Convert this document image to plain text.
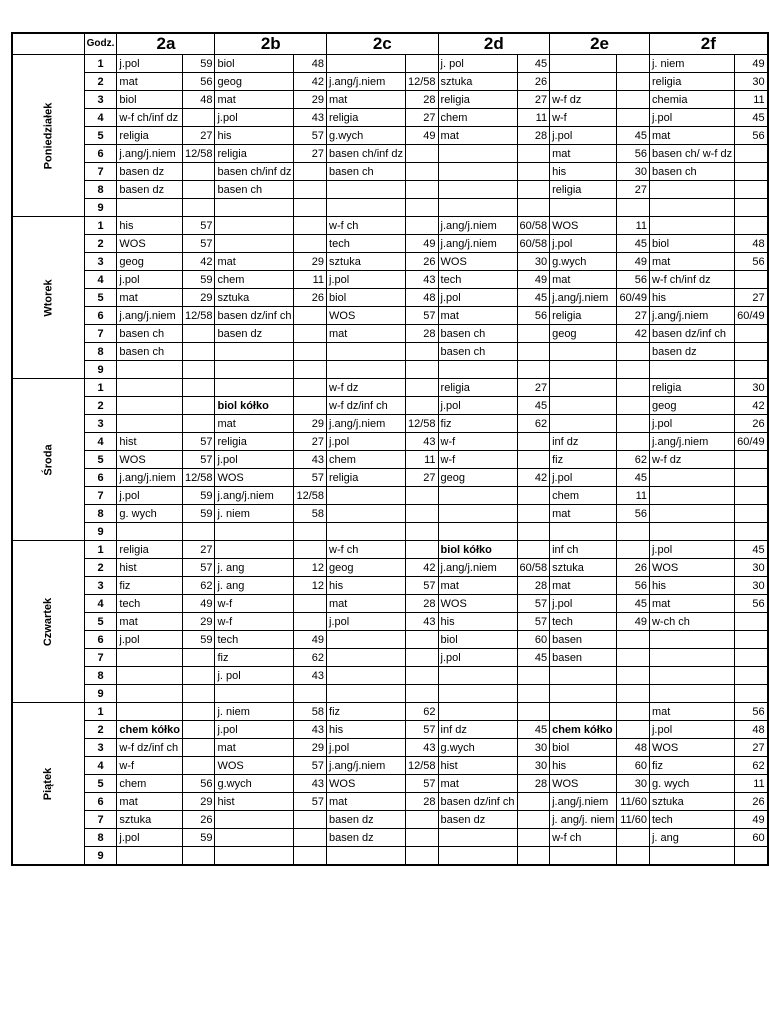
	Godz.	2a		2b		2c		2d		2e		2f	
Poniedziałek	1	j.pol	59	biol	48			j. pol	45			j. niem	49
	2	mat	56	geog	42	j.ang/j.niem	12/58	sztuka	26			religia	30
	3	biol	48	mat	29	mat	28	religia	27	w-f dz		chemia	11
	4	w-f ch/inf dz		j.pol	43	religia	27	chem	11	w-f		j.pol	45
	5	religia	27	his	57	g.wych	49	mat	28	j.pol	45	mat	56
	6	j.ang/j.niem	12/58	religia	27	basen ch/inf dz				mat	56	basen ch/ w-f dz	
	7	basen dz		basen ch/inf dz		basen ch				his	30	basen ch	
	8	basen dz		basen ch						religia	27		
	9												
Wtorek	1	his	57			w-f ch		j.ang/j.niem	60/58	WOS	11		
	2	WOS	57			tech	49	j.ang/j.niem	60/58	j.pol	45	biol	48
	3	geog	42	mat	29	sztuka	26	WOS	30	g.wych	49	mat	56
	4	j.pol	59	chem	11	j.pol	43	tech	49	mat	56	w-f ch/inf dz	
	5	mat	29	sztuka	26	biol	48	j.pol	45	j.ang/j.niem	60/49	his	27
	6	j.ang/j.niem	12/58	basen dz/inf ch		WOS	57	mat	56	religia	27	j.ang/j.niem	60/49
	7	basen ch		basen dz		mat	28	basen ch		geog	42	basen dz/inf ch	
	8	basen ch						basen ch				basen dz	
	9												
Środa	1					w-f dz		religia	27			religia	30
	2			biol kółko		w-f dz/inf ch		j.pol	45			geog	42
	3			mat	29	j.ang/j.niem	12/58	fiz	62			j.pol	26
	4	hist	57	religia	27	j.pol	43	w-f		inf dz		j.ang/j.niem	60/49
	5	WOS	57	j.pol	43	chem	11	w-f		fiz	62	w-f dz	
	6	j.ang/j.niem	12/58	WOS	57	religia	27	geog	42	j.pol	45		
	7	j.pol	59	j.ang/j.niem	12/58					chem	11		
	8	g. wych	59	j. niem	58					mat	56		
	9												
Czwartek	1	religia	27			w-f ch		biol kółko		inf ch		j.pol	45
	2	hist	57	j. ang	12	geog	42	j.ang/j.niem	60/58	sztuka	26	WOS	30
	3	fiz	62	j. ang	12	his	57	mat	28	mat	56	his	30
	4	tech	49	w-f		mat	28	WOS	57	j.pol	45	mat	56
	5	mat	29	w-f		j.pol	43	his	57	tech	49	w-ch ch	
	6	j.pol	59	tech	49			biol	60	basen			
	7			fiz	62			j.pol	45	basen			
	8			j. pol	43								
	9												
Piątek	1			j. niem	58	fiz	62					mat	56
	2	chem kółko		j.pol	43	his	57	inf dz	45	chem kółko		j.pol	48
	3	w-f dz/inf ch		mat	29	j.pol	43	g.wych	30	biol	48	WOS	27
	4	w-f		WOS	57	j.ang/j.niem	12/58	hist	30	his	60	fiz	62
	5	chem	56	g.wych	43	WOS	57	mat	28	WOS	30	g. wych	11
	6	mat	29	hist	57	mat	28	basen dz/inf ch		j.ang/j.niem	11/60	sztuka	26
	7	sztuka	26			basen dz		basen dz		j. ang/j. niem	11/60	tech	49
	8	j.pol	59			basen dz				w-f ch		j. ang	60
	9												
